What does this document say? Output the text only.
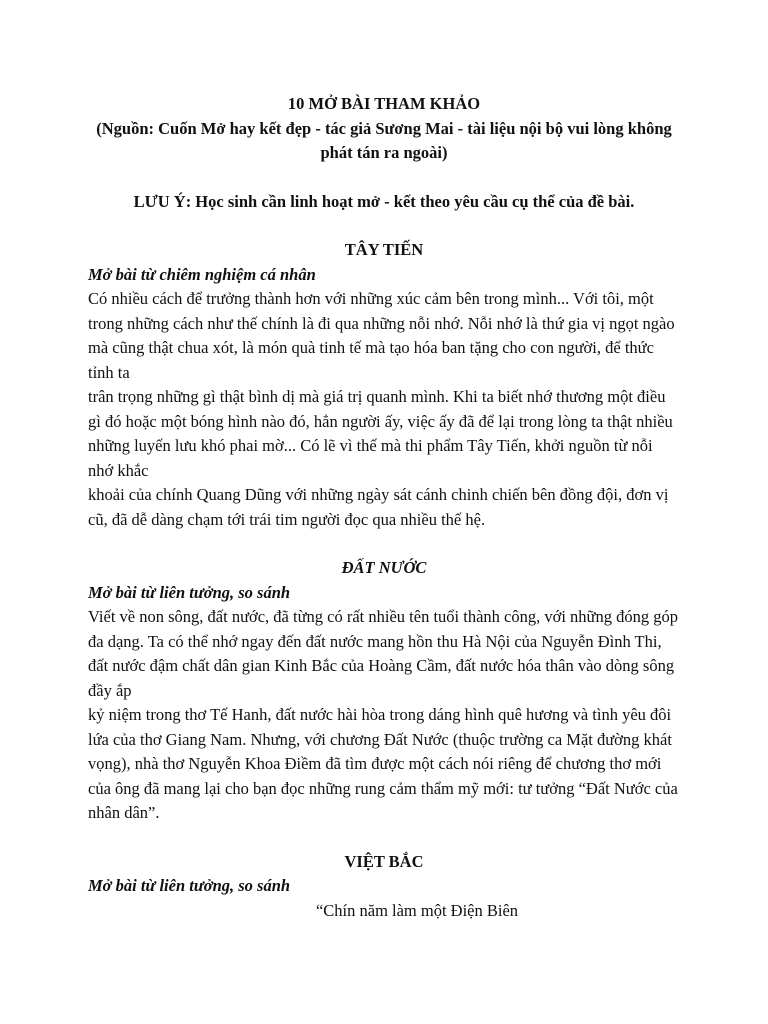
10 MỞ BÀI THAM KHẢO

(Nguồn: Cuốn Mở hay kết đẹp - tác giả Sương Mai - tài liệu nội bộ vui lòng không phát tán ra ngoài)

LƯU Ý: Học sinh cần linh hoạt mở - kết theo yêu cầu cụ thể của đề bài.

TÂY TIẾN

Mở bài từ chiêm nghiệm cá nhân

Có nhiều cách để trưởng thành hơn với những xúc cảm bên trong mình... Với tôi, một trong những cách như thế chính là đi qua những nỗi nhớ. Nỗi nhớ là thứ gia vị ngọt ngào mà cũng thật chua xót, là món quà tinh tế mà tạo hóa ban tặng cho con người, để thức tỉnh ta

trân trọng những gì thật bình dị mà giá trị quanh mình. Khi ta biết nhớ thương một điều gì đó hoặc một bóng hình nào đó, hẳn người ấy, việc ấy đã để lại trong lòng ta thật nhiều những luyến lưu khó phai mờ... Có lẽ vì thế mà thi phẩm Tây Tiến, khởi nguồn từ nỗi nhớ khắc

khoải của chính Quang Dũng với những ngày sát cánh chinh chiến bên đồng đội, đơn vị cũ, đã dễ dàng chạm tới trái tim người đọc qua nhiều thế hệ.

ĐẤT NƯỚC

Mở bài từ liên tưởng, so sánh

Viết về non sông, đất nước, đã từng có rất nhiều tên tuổi thành công, với những đóng góp đa dạng. Ta có thể nhớ ngay đến đất nước mang hồn thu Hà Nội của Nguyễn Đình Thi, đất nước đậm chất dân gian Kinh Bắc của Hoàng Cầm, đất nước hóa thân vào dòng sông đầy ắp

kỷ niệm trong thơ Tế Hanh, đất nước hài hòa trong dáng hình quê hương và tình yêu đôi lứa của thơ Giang Nam. Nhưng, với chương Đất Nước (thuộc trường ca Mặt đường khát vọng), nhà thơ Nguyễn Khoa Điềm đã tìm được một cách nói riêng để chương thơ mới của ông đã mang lại cho bạn đọc những rung cảm thẩm mỹ mới: tư tưởng “Đất Nước của nhân dân”.

VIỆT BẮC

Mở bài từ liên tưởng, so sánh

“Chín năm làm một Điện Biên
